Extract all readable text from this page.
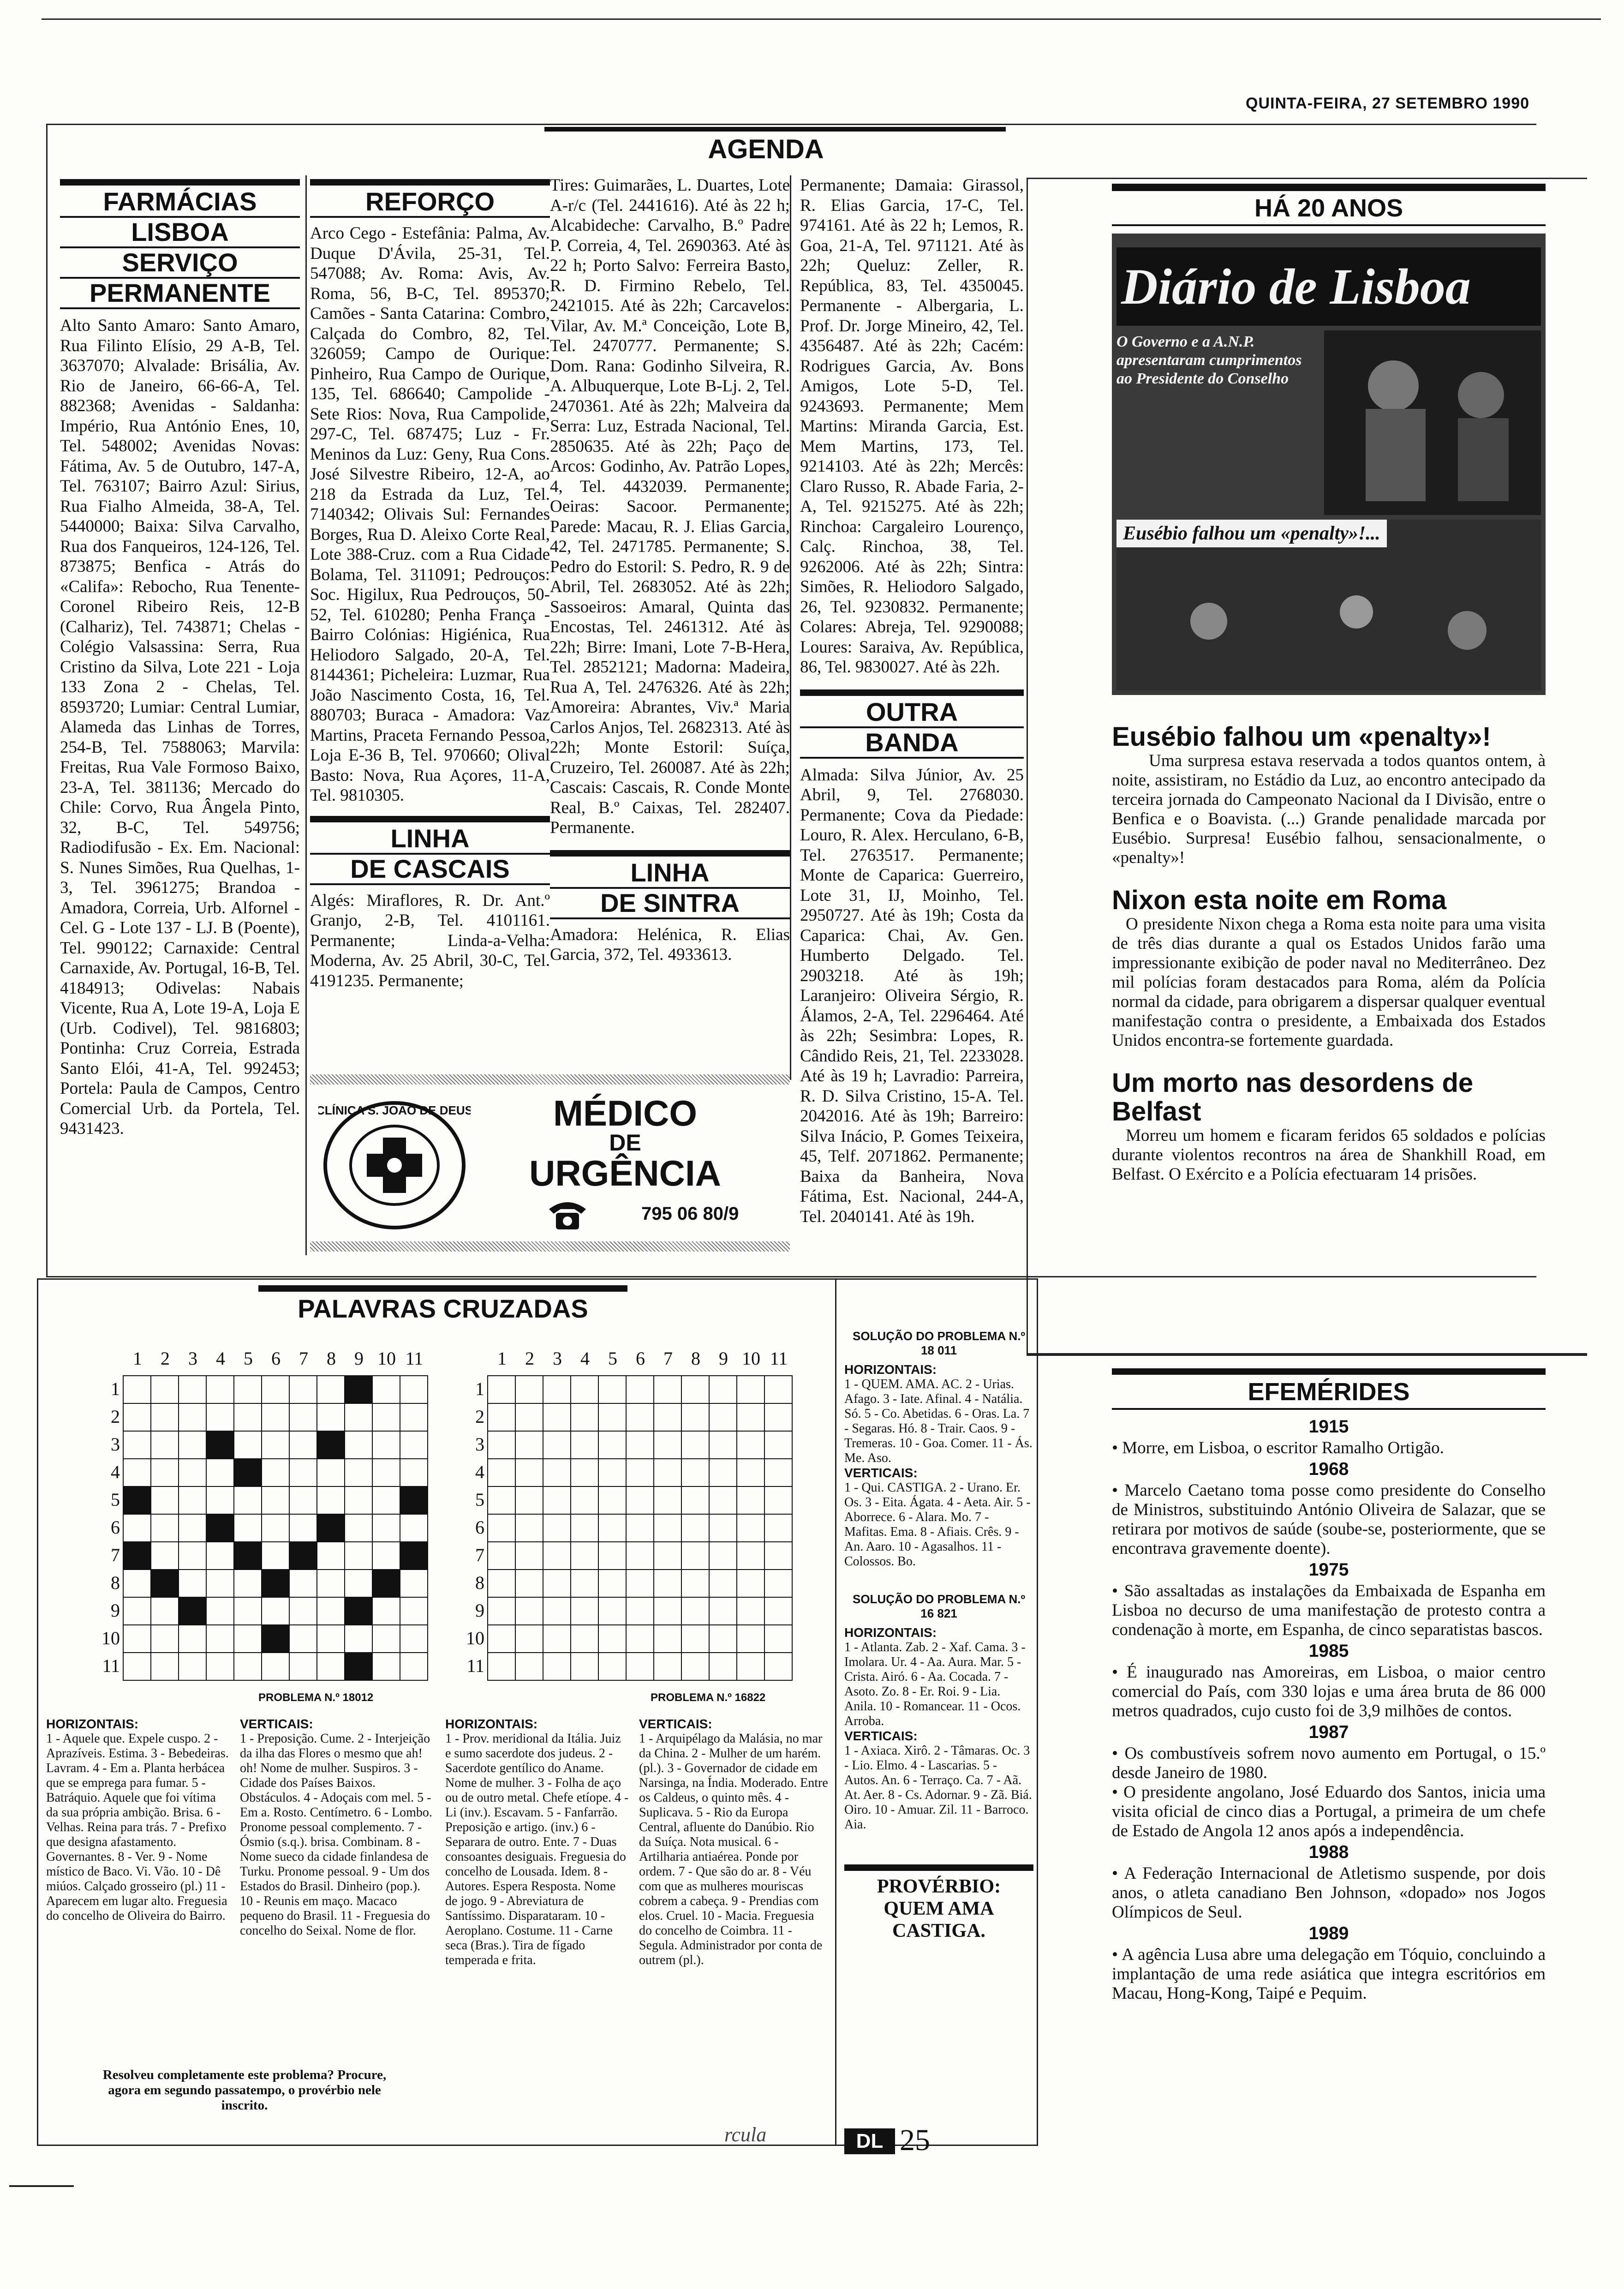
QUINTA-FEIRA, 27 SETEMBRO 1990
AGENDA
FARMÁCIAS
LISBOA
SERVIÇO
PERMANENTE
Alto Santo Amaro: Santo Amaro, Rua Filinto Elísio, 29 A-B, Tel. 3637070; Alvalade: Brisália, Av. Rio de Janeiro, 66-66-A, Tel. 882368; Avenidas - Saldanha: Império, Rua António Enes, 10, Tel. 548002; Avenidas Novas: Fátima, Av. 5 de Outubro, 147-A, Tel. 763107; Bairro Azul: Sirius, Rua Fialho Almeida, 38-A, Tel. 5440000; Baixa: Silva Carvalho, Rua dos Fanqueiros, 124-126, Tel. 873875; Benfica - Atrás do «Califa»: Rebocho, Rua Tenente-Coronel Ribeiro Reis, 12-B (Calhariz), Tel. 743871; Chelas - Colégio Valsassina: Serra, Rua Cristino da Silva, Lote 221 - Loja 133 Zona 2 - Chelas, Tel. 8593720; Lumiar: Central Lumiar, Alameda das Linhas de Torres, 254-B, Tel. 7588063; Marvila: Freitas, Rua Vale Formoso Baixo, 23-A, Tel. 381136; Mercado do Chile: Corvo, Rua Ângela Pinto, 32, B-C, Tel. 549756; Radiodifusão - Ex. Em. Nacional: S. Nunes Simões, Rua Quelhas, 1-3, Tel. 3961275; Brandoa - Amadora, Correia, Urb. Alfornel - Cel. G - Lote 137 - LJ. B (Poente), Tel. 990122; Carnaxide: Central Carnaxide, Av. Portugal, 16-B, Tel. 4184913; Odivelas: Nabais Vicente, Rua A, Lote 19-A, Loja E (Urb. Codivel), Tel. 9816803; Pontinha: Cruz Correia, Estrada Santo Elói, 41-A, Tel. 992453; Portela: Paula de Campos, Centro Comercial Urb. da Portela, Tel. 9431423.
REFORÇO
Arco Cego - Estefânia: Palma, Av. Duque D'Ávila, 25-31, Tel. 547088; Av. Roma: Avis, Av. Roma, 56, B-C, Tel. 895370; Camões - Santa Catarina: Combro, Calçada do Combro, 82, Tel. 326059; Campo de Ourique: Pinheiro, Rua Campo de Ourique, 135, Tel. 686640; Campolide - Sete Rios: Nova, Rua Campolide, 297-C, Tel. 687475; Luz - Fr. Meninos da Luz: Geny, Rua Cons. José Silvestre Ribeiro, 12-A, ao 218 da Estrada da Luz, Tel. 7140342; Olivais Sul: Fernandes Borges, Rua D. Aleixo Corte Real, Lote 388-Cruz. com a Rua Cidade Bolama, Tel. 311091; Pedrouços: Soc. Higilux, Rua Pedrouços, 50-52, Tel. 610280; Penha França - Bairro Colónias: Higiénica, Rua Heliodoro Salgado, 20-A, Tel. 8144361; Picheleira: Luzmar, Rua João Nascimento Costa, 16, Tel. 880703; Buraca - Amadora: Vaz Martins, Praceta Fernando Pessoa, Loja E-36 B, Tel. 970660; Olival Basto: Nova, Rua Açores, 11-A, Tel. 9810305.
LINHA
DE CASCAIS
Algés: Miraflores, R. Dr. Ant.º Granjo, 2-B, Tel. 4101161. Permanente; Linda-a-Velha: Moderna, Av. 25 Abril, 30-C, Tel. 4191235. Permanente;
Tires: Guimarães, L. Duartes, Lote A-r/c (Tel. 2441616). Até às 22 h; Alcabideche: Carvalho, B.º Padre P. Correia, 4, Tel. 2690363. Até às 22 h; Porto Salvo: Ferreira Basto, R. D. Firmino Rebelo, Tel. 2421015. Até às 22h; Carcavelos: Vilar, Av. M.ª Conceição, Lote B, Tel. 2470777. Permanente; S. Dom. Rana: Godinho Silveira, R. A. Albuquerque, Lote B-Lj. 2, Tel. 2470361. Até às 22h; Malveira da Serra: Luz, Estrada Nacional, Tel. 2850635. Até às 22h; Paço de Arcos: Godinho, Av. Patrão Lopes, 4, Tel. 4432039. Permanente; Oeiras: Sacoor. Permanente; Parede: Macau, R. J. Elias Garcia, 42, Tel. 2471785. Permanente; S. Pedro do Estoril: S. Pedro, R. 9 de Abril, Tel. 2683052. Até às 22h; Sassoeiros: Amaral, Quinta das Encostas, Tel. 2461312. Até às 22h; Birre: Imani, Lote 7-B-Hera, Tel. 2852121; Madorna: Madeira, Rua A, Tel. 2476326. Até às 22h; Amoreira: Abrantes, Viv.ª Maria Carlos Anjos, Tel. 2682313. Até às 22h; Monte Estoril: Suíça, Cruzeiro, Tel. 260087. Até às 22h; Cascais: Cascais, R. Conde Monte Real, B.º Caixas, Tel. 282407. Permanente.
LINHA
DE SINTRA
Amadora: Helénica, R. Elias Garcia, 372, Tel. 4933613.
Permanente; Damaia: Girassol, R. Elias Garcia, 17-C, Tel. 974161. Até às 22 h; Lemos, R. Goa, 21-A, Tel. 971121. Até às 22h; Queluz: Zeller, R. República, 83, Tel. 4350045. Permanente - Albergaria, L. Prof. Dr. Jorge Mineiro, 42, Tel. 4356487. Até às 22h; Cacém: Rodrigues Garcia, Av. Bons Amigos, Lote 5-D, Tel. 9243693. Permanente; Mem Martins: Miranda Garcia, Est. Mem Martins, 173, Tel. 9214103. Até às 22h; Mercês: Claro Russo, R. Abade Faria, 2-A, Tel. 9215275. Até às 22h; Rinchoa: Cargaleiro Lourenço, Calç. Rinchoa, 38, Tel. 9262006. Até às 22h; Sintra: Simões, R. Heliodoro Salgado, 26, Tel. 9230832. Permanente; Colares: Abreja, Tel. 9290088; Loures: Saraiva, Av. República, 86, Tel. 9830027. Até às 22h.
OUTRA
BANDA
Almada: Silva Júnior, Av. 25 Abril, 9, Tel. 2768030. Permanente; Cova da Piedade: Louro, R. Alex. Herculano, 6-B, Tel. 2763517. Permanente; Monte de Caparica: Guerreiro, Lote 31, IJ, Moinho, Tel. 2950727. Até às 19h; Costa da Caparica: Chai, Av. Gen. Humberto Delgado. Tel. 2903218. Até às 19h; Laranjeiro: Oliveira Sérgio, R. Álamos, 2-A, Tel. 2296464. Até às 22h; Sesimbra: Lopes, R. Cândido Reis, 21, Tel. 2233028. Até às 19 h; Lavradio: Parreira, R. D. Silva Cristino, 15-A. Tel. 2042016. Até às 19h; Barreiro: Silva Inácio, P. Gomes Teixeira, 45, Telf. 2071862. Permanente; Baixa da Banheira, Nova Fátima, Est. Nacional, 244-A, Tel. 2040141. Até às 19h.
CLÍNICA S. JOÃO DE DEUS	MÉDICO
DE
URGÊNCIA
795 06 80/9
HÁ 20 ANOS
Diário de Lisboa
O Governo e a A.N.P. apresentaram cumprimentos ao Presidente do Conselho
Eusébio falhou um «penalty»!...
Eusébio falhou um «penalty»!
Uma surpresa estava reservada a todos quantos ontem, à noite, assistiram, no Estádio da Luz, ao encontro antecipado da terceira jornada do Campeonato Nacional da I Divisão, entre o Benfica e o Boavista. (...) Grande penalidade marcada por Eusébio. Surpresa! Eusébio falhou, sensacionalmente, o «penalty»!
Nixon esta noite em Roma
O presidente Nixon chega a Roma esta noite para uma visita de três dias durante a qual os Estados Unidos farão uma impressionante exibição de poder naval no Mediterrâneo. Dez mil polícias foram destacados para Roma, além da Polícia normal da cidade, para obrigarem a dispersar qualquer eventual manifestação contra o presidente, a Embaixada dos Estados Unidos encontra-se fortemente guardada.
Um morto nas desordens de Belfast
Morreu um homem e ficaram feridos 65 soldados e polícias durante violentos recontros na área de Shankhill Road, em Belfast. O Exército e a Polícia efectuaram 14 prisões.
EFEMÉRIDES
1915
• Morre, em Lisboa, o escritor Ramalho Ortigão.
1968
• Marcelo Caetano toma posse como presidente do Conselho de Ministros, substituindo António Oliveira de Salazar, que se retirara por motivos de saúde (soube-se, posteriormente, que se encontrava gravemente doente).
1975
• São assaltadas as instalações da Embaixada de Espanha em Lisboa no decurso de uma manifestação de protesto contra a condenação à morte, em Espanha, de cinco separatistas bascos.
1985
• É inaugurado nas Amoreiras, em Lisboa, o maior centro comercial do País, com 330 lojas e uma área bruta de 86 000 metros quadrados, cujo custo foi de 3,9 milhões de contos.
1987
• Os combustíveis sofrem novo aumento em Portugal, o 15.º desde Janeiro de 1980.
• O presidente angolano, José Eduardo dos Santos, inicia uma visita oficial de cinco dias a Portugal, a primeira de um chefe de Estado de Angola 12 anos após a independência.
1988
• A Federação Internacional de Atletismo suspende, por dois anos, o atleta canadiano Ben Johnson, «dopado» nos Jogos Olímpicos de Seul.
1989
• A agência Lusa abre uma delegação em Tóquio, concluindo a implantação de uma rede asiática que integra escritórios em Macau, Hong-Kong, Taipé e Pequim.
PALAVRAS CRUZADAS
1 2 3 4 5 6 7 8 9 10 11
1
2
3
4
5
6
7
8
9
10
11

1 2 3 4 5 6 7 8 9 10 11
1
2
3
4
5
6
7
8
9
10
11

PROBLEMA N.º 18012	PROBLEMA N.º 16822
HORIZONTAIS:
1 - Aquele que. Expele cuspo. 2 - Aprazíveis. Estima. 3 - Bebedeiras. Lavram. 4 - Em a. Planta herbácea que se emprega para fumar. 5 - Batráquio. Aquele que foi vítima da sua própria ambição. Brisa. 6 - Velhas. Reina para trás. 7 - Prefixo que designa afastamento. Governantes. 8 - Ver. 9 - Nome místico de Baco. Vi. Vão. 10 - Dê miúos. Calçado grosseiro (pl.) 11 - Aparecem em lugar alto. Freguesia do concelho de Oliveira do Bairro.
VERTICAIS:
1 - Preposição. Cume. 2 - Interjeição da ilha das Flores o mesmo que ah! oh! Nome de mulher. Suspiros. 3 - Cidade dos Países Baixos. Obstáculos. 4 - Adoçais com mel. 5 - Em a. Rosto. Centímetro. 6 - Lombo. Pronome pessoal complemento. 7 - Ósmio (s.q.). brisa. Combinam. 8 - Nome sueco da cidade finlandesa de Turku. Pronome pessoal. 9 - Um dos Estados do Brasil. Dinheiro (pop.). 10 - Reunis em maço. Macaco pequeno do Brasil. 11 - Freguesia do concelho do Seixal. Nome de flor.
HORIZONTAIS:
1 - Prov. meridional da Itália. Juiz e sumo sacerdote dos judeus. 2 - Sacerdote gentílico do Aname. Nome de mulher. 3 - Folha de aço ou de outro metal. Chefe etíope. 4 - Li (inv.). Escavam. 5 - Fanfarrão. Preposição e artigo. (inv.) 6 - Separara de outro. Ente. 7 - Duas consoantes desiguais. Freguesia do concelho de Lousada. Idem. 8 - Autores. Espera Resposta. Nome de jogo. 9 - Abreviatura de Santíssimo. Disparataram. 10 - Aeroplano. Costume. 11 - Carne seca (Bras.). Tira de fígado temperada e frita.
VERTICAIS:
1 - Arquipélago da Malásia, no mar da China. 2 - Mulher de um harém. (pl.). 3 - Governador de cidade em Narsinga, na Índia. Moderado. Entre os Caldeus, o quinto mês. 4 - Suplicava. 5 - Rio da Europa Central, afluente do Danúbio. Rio da Suíça. Nota musical. 6 - Artilharia antiaérea. Ponde por ordem. 7 - Que são do ar. 8 - Véu com que as mulheres mouriscas cobrem a cabeça. 9 - Prendias com elos. Cruel. 10 - Macia. Freguesia do concelho de Coimbra. 11 - Segula. Administrador por conta de outrem (pl.).
Resolveu completamente este problema? Procure, agora em segundo passatempo, o provérbio nele inscrito.
SOLUÇÃO DO PROBLEMA N.º 18 011
HORIZONTAIS:
1 - QUEM. AMA. AC. 2 - Urias. Afago. 3 - Iate. Afinal. 4 - Natália. Só. 5 - Co. Abetidas. 6 - Oras. La. 7 - Segaras. Hó. 8 - Trair. Caos. 9 - Tremeras. 10 - Goa. Comer. 11 - Ás. Me. Aso.
VERTICAIS:
1 - Qui. CASTIGA. 2 - Urano. Er. Os. 3 - Eita. Ágata. 4 - Aeta. Air. 5 - Aborrece. 6 - Alara. Mo. 7 - Mafitas. Ema. 8 - Afiais. Crês. 9 - An. Aaro. 10 - Agasalhos. 11 - Colossos. Bo.
SOLUÇÃO DO PROBLEMA N.º 16 821
HORIZONTAIS:
1 - Atlanta. Zab. 2 - Xaf. Cama. 3 - Imolara. Ur. 4 - Aa. Aura. Mar. 5 - Crista. Airó. 6 - Aa. Cocada. 7 - Asoto. Zo. 8 - Er. Roi. 9 - Lia. Anila. 10 - Romancear. 11 - Ocos. Arroba.
VERTICAIS:
1 - Axiaca. Xirô. 2 - Tâmaras. Oc. 3 - Lio. Elmo. 4 - Lascarias. 5 - Autos. An. 6 - Terraço. Ca. 7 - Aã. At. Aer. 8 - Cs. Adornar. 9 - Zã. Biá. Oiro. 10 - Amuar. Zil. 11 - Barroco. Aia.
PROVÉRBIO:
QUEM AMA CASTIGA.
rcula	DL 25
